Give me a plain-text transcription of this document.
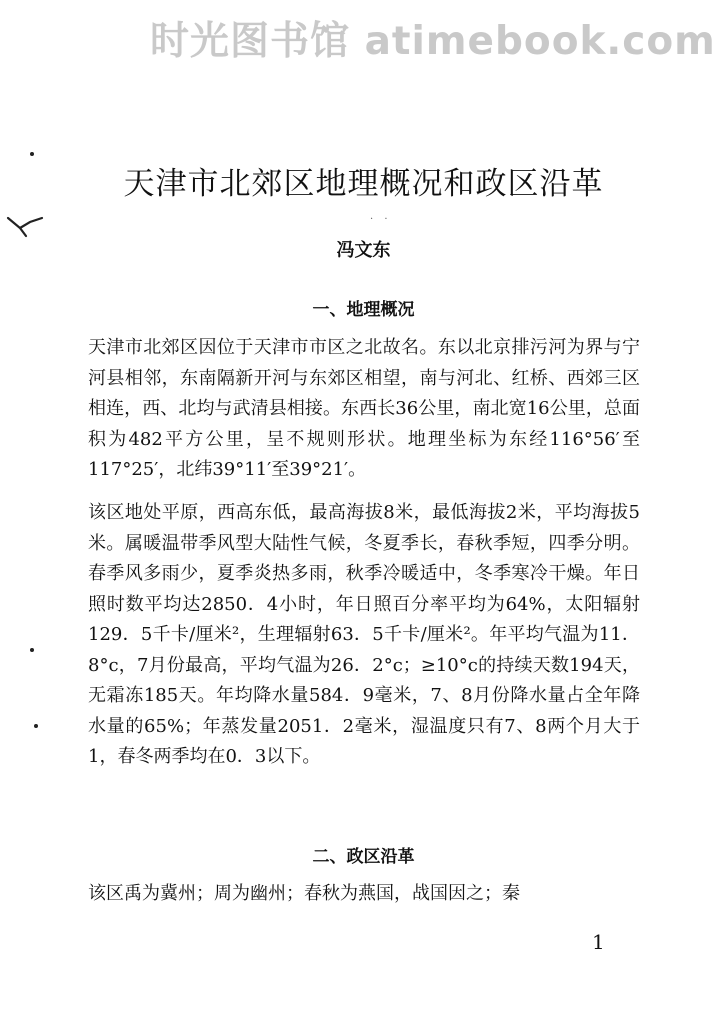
时光图书馆 atimebook.com
天津市北郊区地理概况和政区沿革
· ·
冯文东
一、地理概况

天津市北郊区因位于天津市市区之北故名。东以北京排污河为界与宁河县相邻，东南隔新开河与东郊区相望，南与河北、红桥、西郊三区相连，西、北均与武清县相接。东西长36公里，南北宽16公里，总面积为482平方公里，呈不规则形状。地理坐标为东经116°56′至117°25′，北纬39°11′至39°21′。

该区地处平原，西高东低，最高海拔8米，最低海拔2米，平均海拔5米。属暖温带季风型大陆性气候，冬夏季长，春秋季短，四季分明。春季风多雨少，夏季炎热多雨，秋季冷暖适中，冬季寒冷干燥。年日照时数平均达2850．4小时，年日照百分率平均为64%，太阳辐射129．5千卡/厘米²，生理辐射63．5千卡/厘米²。年平均气温为11．8°c，7月份最高，平均气温为26．2°c；≥10°c的持续天数194天，无霜冻185天。年均降水量584．9毫米，7、8月份降水量占全年降水量的65%；年蒸发量2051．2毫米，湿温度只有7、8两个月大于1，春冬两季均在0．3以下。

二、政区沿革

该区禹为冀州；周为幽州；春秋为燕国，战国因之；秦

1
